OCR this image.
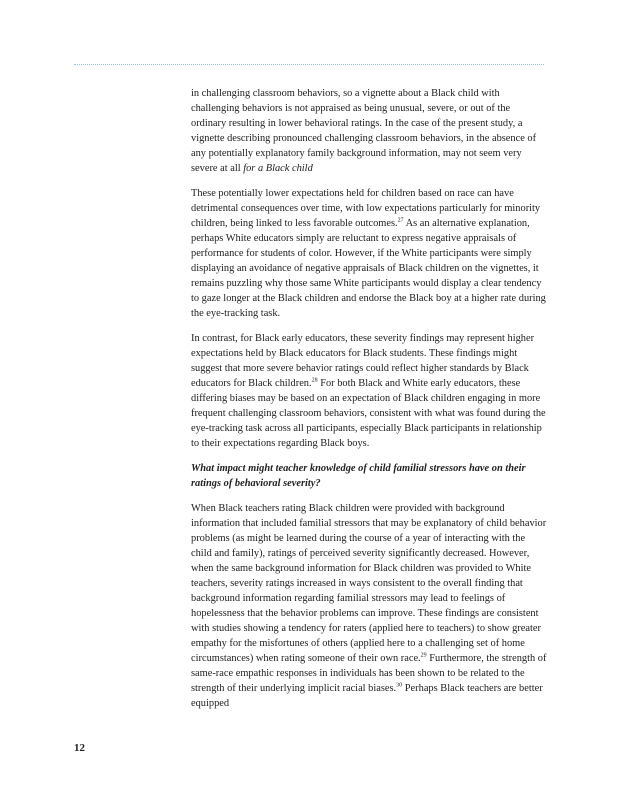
in challenging classroom behaviors, so a vignette about a Black child with challenging behaviors is not appraised as being unusual, severe, or out of the ordinary resulting in lower behavioral ratings. In the case of the present study, a vignette describing pronounced challenging classroom behaviors, in the absence of any potentially explanatory family background information, may not seem very severe at all for a Black child

These potentially lower expectations held for children based on race can have detrimental consequences over time, with low expectations particularly for minority children, being linked to less favorable outcomes.$^{27}$ As an alternative explanation, perhaps White educators simply are reluctant to express negative appraisals of performance for students of color. However, if the White participants were simply displaying an avoidance of negative appraisals of Black children on the vignettes, it remains puzzling why those same White participants would display a clear tendency to gaze longer at the Black children and endorse the Black boy at a higher rate during the eye-tracking task.

In contrast, for Black early educators, these severity findings may represent higher expectations held by Black educators for Black students. These findings might suggest that more severe behavior ratings could reflect higher standards by Black educators for Black children.$^{28}$ For both Black and White early educators, these differing biases may be based on an expectation of Black children engaging in more frequent challenging classroom behaviors, consistent with what was found during the eye-tracking task across all participants, especially Black participants in relationship to their expectations regarding Black boys.

What impact might teacher knowledge of child familial stressors have on their ratings of behavioral severity?

When Black teachers rating Black children were provided with background information that included familial stressors that may be explanatory of child behavior problems (as might be learned during the course of a year of interacting with the child and family), ratings of perceived severity significantly decreased. However, when the same background information for Black children was provided to White teachers, severity ratings increased in ways consistent to the overall finding that background information regarding familial stressors may lead to feelings of hopelessness that the behavior problems can improve. These findings are consistent with studies showing a tendency for raters (applied here to teachers) to show greater empathy for the misfortunes of others (applied here to a challenging set of home circumstances) when rating someone of their own race.$^{29}$ Furthermore, the strength of same-race empathic responses in individuals has been shown to be related to the strength of their underlying implicit racial biases.$^{30}$ Perhaps Black teachers are better equipped

12
